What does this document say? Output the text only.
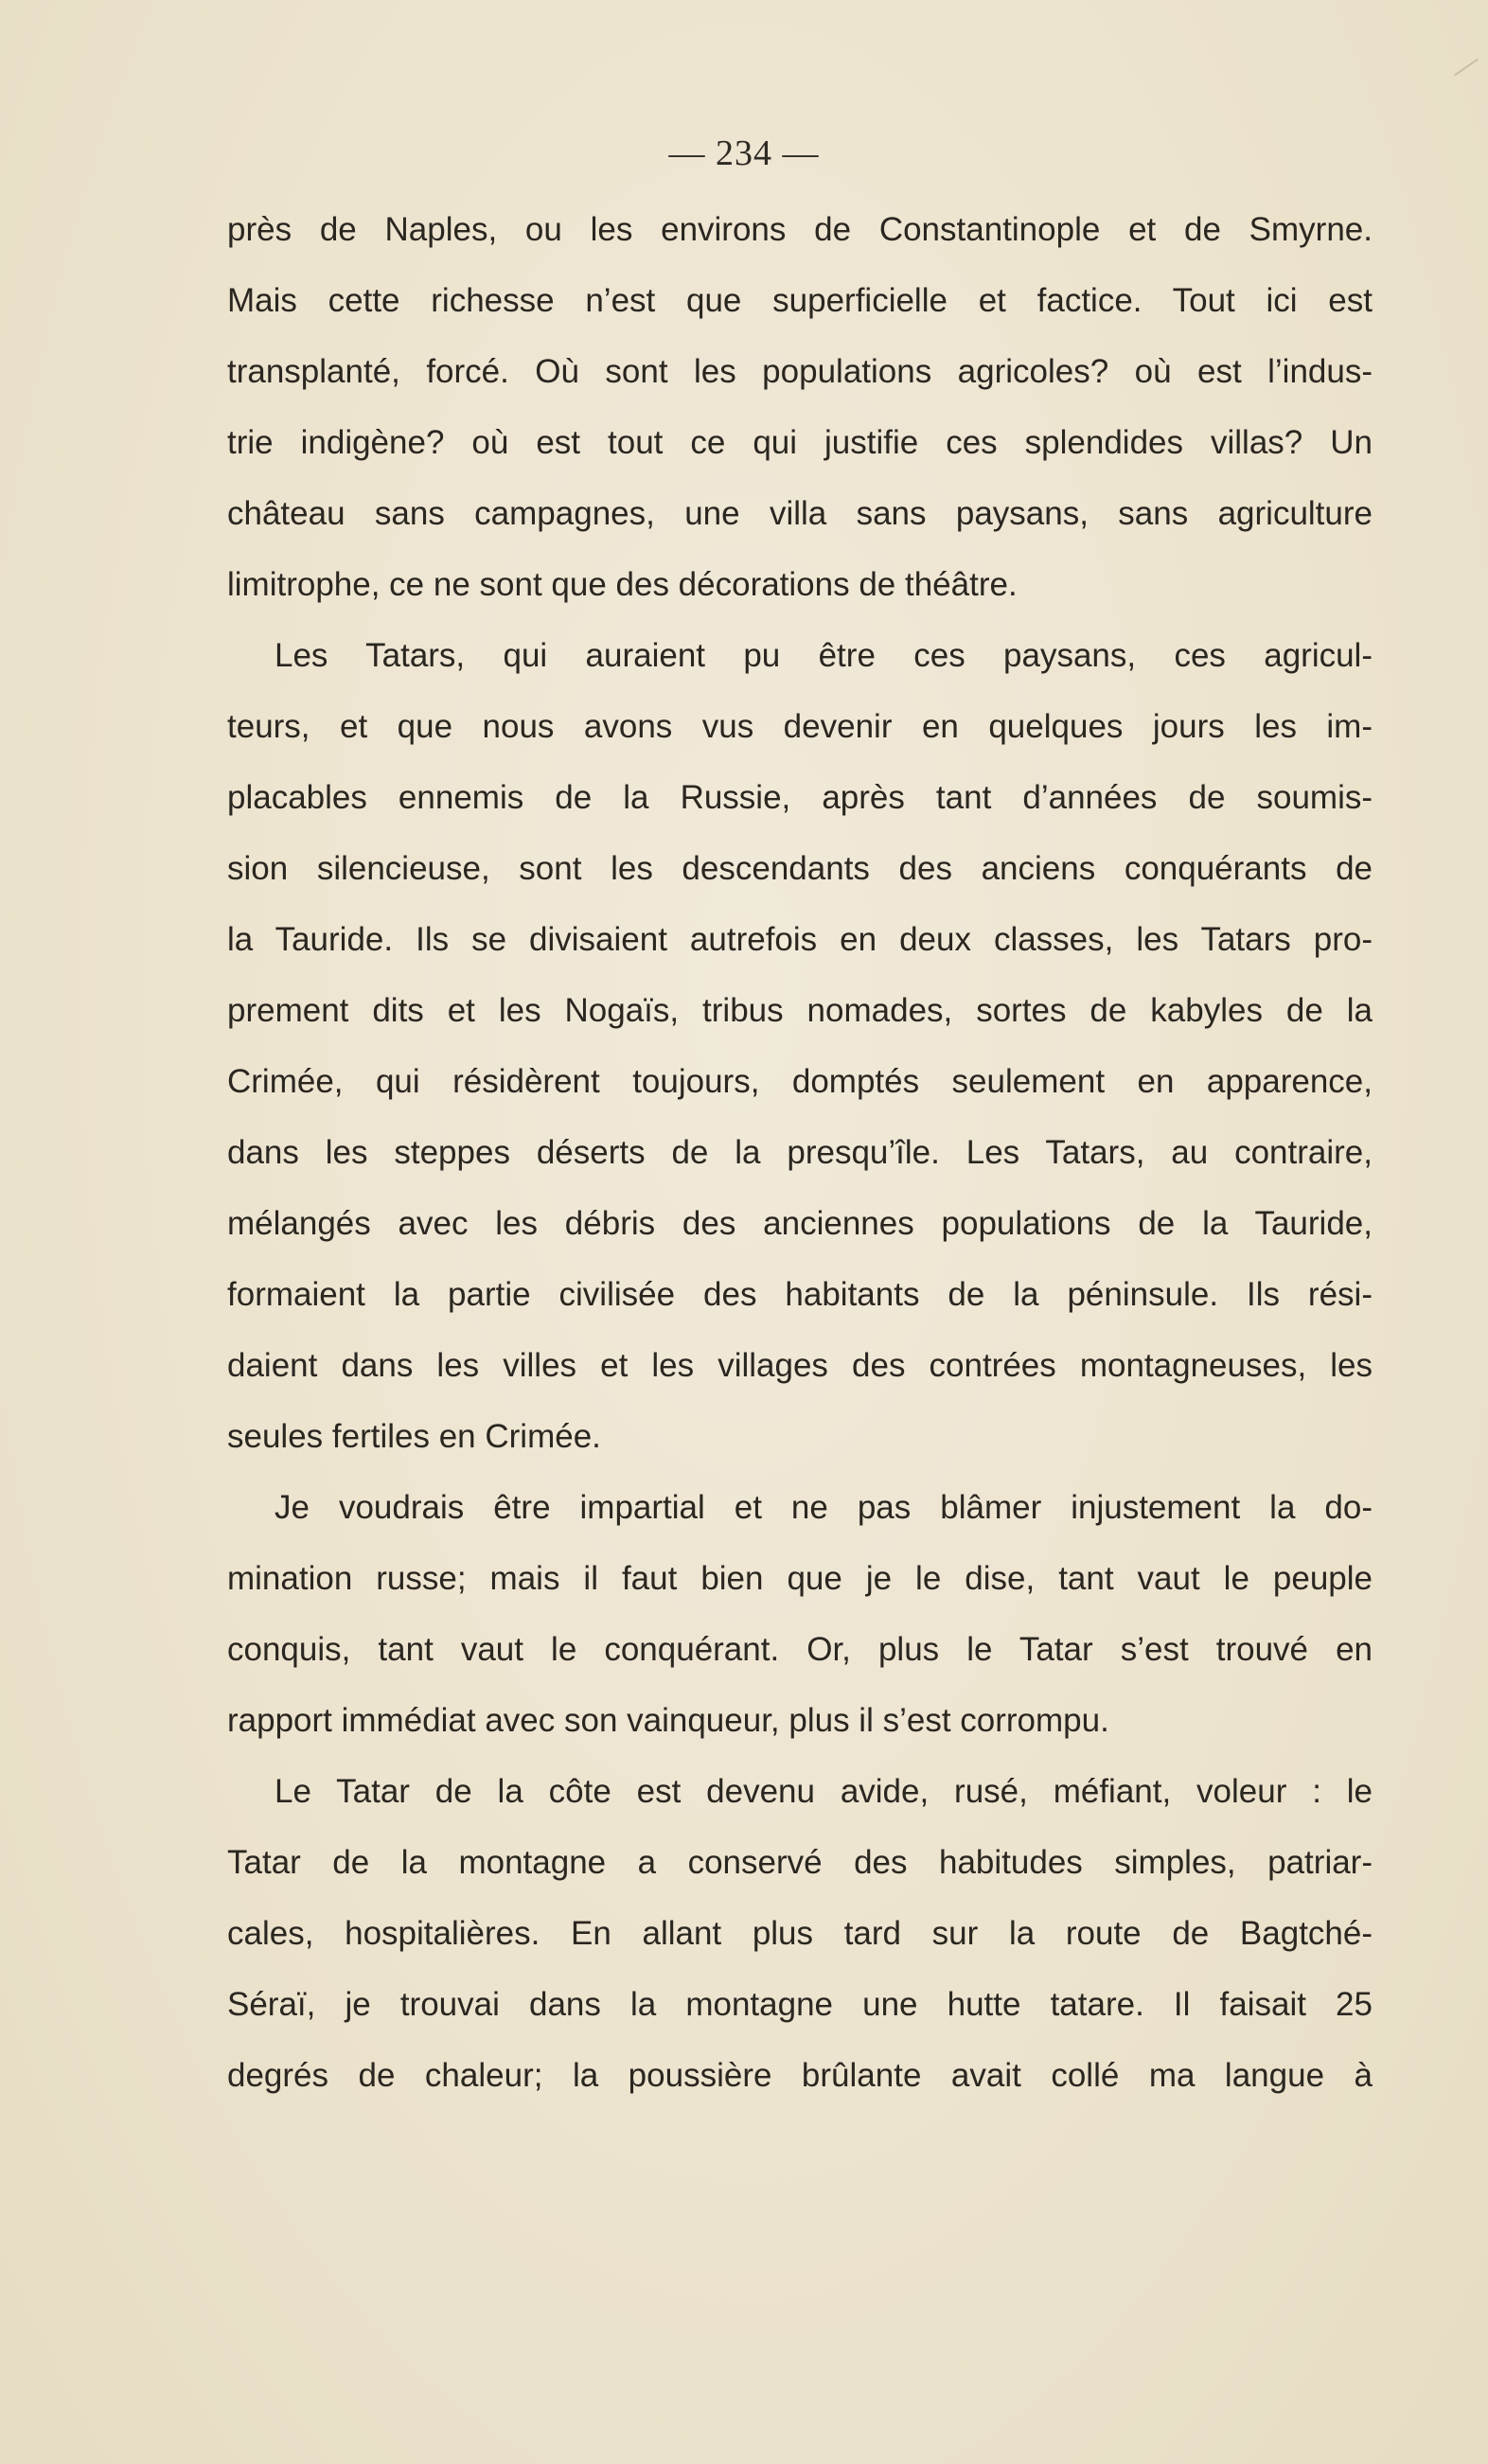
— 234 —
près de Naples, ou les environs de Constantinople et de Smyrne.
Mais cette richesse n’est que superficielle et factice. Tout ici est
transplanté, forcé. Où sont les populations agricoles? où est l’indus-
trie indigène? où est tout ce qui justifie ces splendides villas? Un
château sans campagnes, une villa sans paysans, sans agriculture
limitrophe, ce ne sont que des décorations de théâtre.
Les Tatars, qui auraient pu être ces paysans, ces agricul-
teurs, et que nous avons vus devenir en quelques jours les im-
placables ennemis de la Russie, après tant d’années de soumis-
sion silencieuse, sont les descendants des anciens conquérants de
la Tauride. Ils se divisaient autrefois en deux classes, les Tatars pro-
prement dits et les Nogaïs, tribus nomades, sortes de kabyles de la
Crimée, qui résidèrent toujours, domptés seulement en apparence,
dans les steppes déserts de la presqu’île. Les Tatars, au contraire,
mélangés avec les débris des anciennes populations de la Tauride,
formaient la partie civilisée des habitants de la péninsule. Ils rési-
daient dans les villes et les villages des contrées montagneuses, les
seules fertiles en Crimée.
Je voudrais être impartial et ne pas blâmer injustement la do-
mination russe; mais il faut bien que je le dise, tant vaut le peuple
conquis, tant vaut le conquérant. Or, plus le Tatar s’est trouvé en
rapport immédiat avec son vainqueur, plus il s’est corrompu.
Le Tatar de la côte est devenu avide, rusé, méfiant, voleur : le
Tatar de la montagne a conservé des habitudes simples, patriar-
cales, hospitalières. En allant plus tard sur la route de Bagtché-
Séraï, je trouvai dans la montagne une hutte tatare. Il faisait 25
degrés de chaleur; la poussière brûlante avait collé ma langue à
